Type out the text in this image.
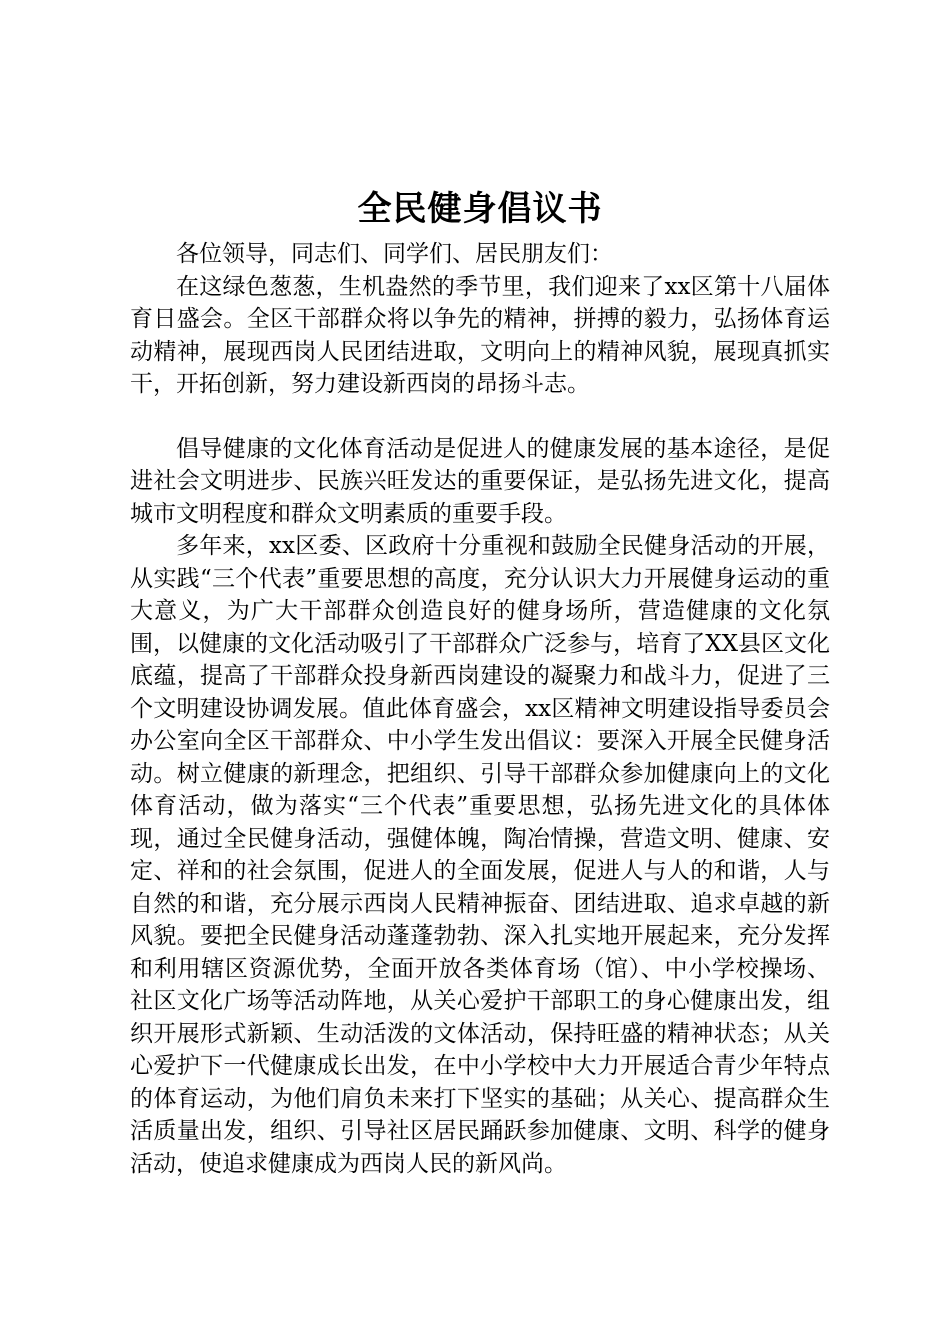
全民健身倡议书

各位领导，同志们、同学们、居民朋友们：

在这绿色葱葱，生机盎然的季节里，我们迎来了xx区第十八届体育日盛会。全区干部群众将以争先的精神，拼搏的毅力，弘扬体育运动精神，展现西岗人民团结进取，文明向上的精神风貌，展现真抓实干，开拓创新，努力建设新西岗的昂扬斗志。

倡导健康的文化体育活动是促进人的健康发展的基本途径，是促进社会文明进步、民族兴旺发达的重要保证，是弘扬先进文化，提高城市文明程度和群众文明素质的重要手段。

多年来，xx区委、区政府十分重视和鼓励全民健身活动的开展，从实践“三个代表”重要思想的高度，充分认识大力开展健身运动的重大意义，为广大干部群众创造良好的健身场所，营造健康的文化氛围，以健康的文化活动吸引了干部群众广泛参与，培育了XX县区文化底蕴，提高了干部群众投身新西岗建设的凝聚力和战斗力，促进了三个文明建设协调发展。值此体育盛会，xx区精神文明建设指导委员会办公室向全区干部群众、中小学生发出倡议：要深入开展全民健身活动。树立健康的新理念，把组织、引导干部群众参加健康向上的文化体育活动，做为落实“三个代表”重要思想，弘扬先进文化的具体体现，通过全民健身活动，强健体魄，陶冶情操，营造文明、健康、安定、祥和的社会氛围，促进人的全面发展，促进人与人的和谐，人与自然的和谐，充分展示西岗人民精神振奋、团结进取、追求卓越的新风貌。要把全民健身活动蓬蓬勃勃、深入扎实地开展起来，充分发挥和利用辖区资源优势，全面开放各类体育场（馆）、中小学校操场、社区文化广场等活动阵地，从关心爱护干部职工的身心健康出发，组织开展形式新颖、生动活泼的文体活动，保持旺盛的精神状态；从关心爱护下一代健康成长出发，在中小学校中大力开展适合青少年特点的体育运动，为他们肩负未来打下坚实的基础；从关心、提高群众生活质量出发，组织、引导社区居民踊跃参加健康、文明、科学的健身活动，使追求健康成为西岗人民的新风尚。
